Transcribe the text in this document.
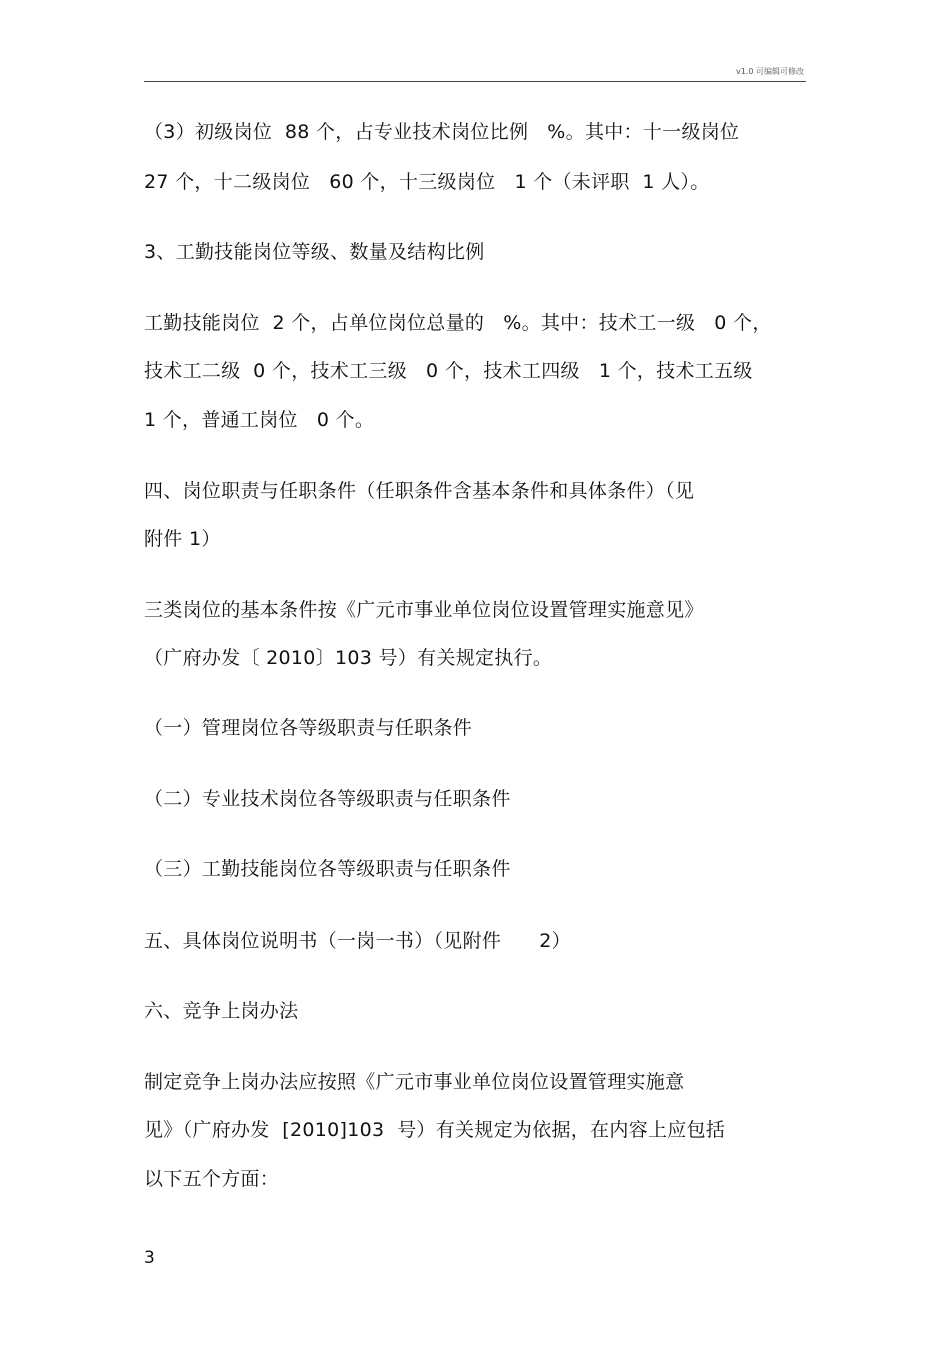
v1.0 可编辑可修改
（3）初级岗位  88 个，占专业技术岗位比例   %。其中：十一级岗位
27 个，十二级岗位   60 个，十三级岗位   1 个（未评职  1 人）。
3、工勤技能岗位等级、数量及结构比例
工勤技能岗位  2 个，占单位岗位总量的   %。其中：技术工一级   0 个，
技术工二级  0 个，技术工三级   0 个，技术工四级   1 个，技术工五级
1 个，普通工岗位   0 个。
四、岗位职责与任职条件（任职条件含基本条件和具体条件）（见
附件 1）
三类岗位的基本条件按《广元市事业单位岗位设置管理实施意见》
（广府办发〔 2010〕103 号）有关规定执行。
（一）管理岗位各等级职责与任职条件
（二）专业技术岗位各等级职责与任职条件
（三）工勤技能岗位各等级职责与任职条件
五、具体岗位说明书（一岗一书）（见附件      2）
六、竞争上岗办法
制定竞争上岗办法应按照《广元市事业单位岗位设置管理实施意
见》（广府办发  [2010]103  号）有关规定为依据，在内容上应包括
以下五个方面：
3
